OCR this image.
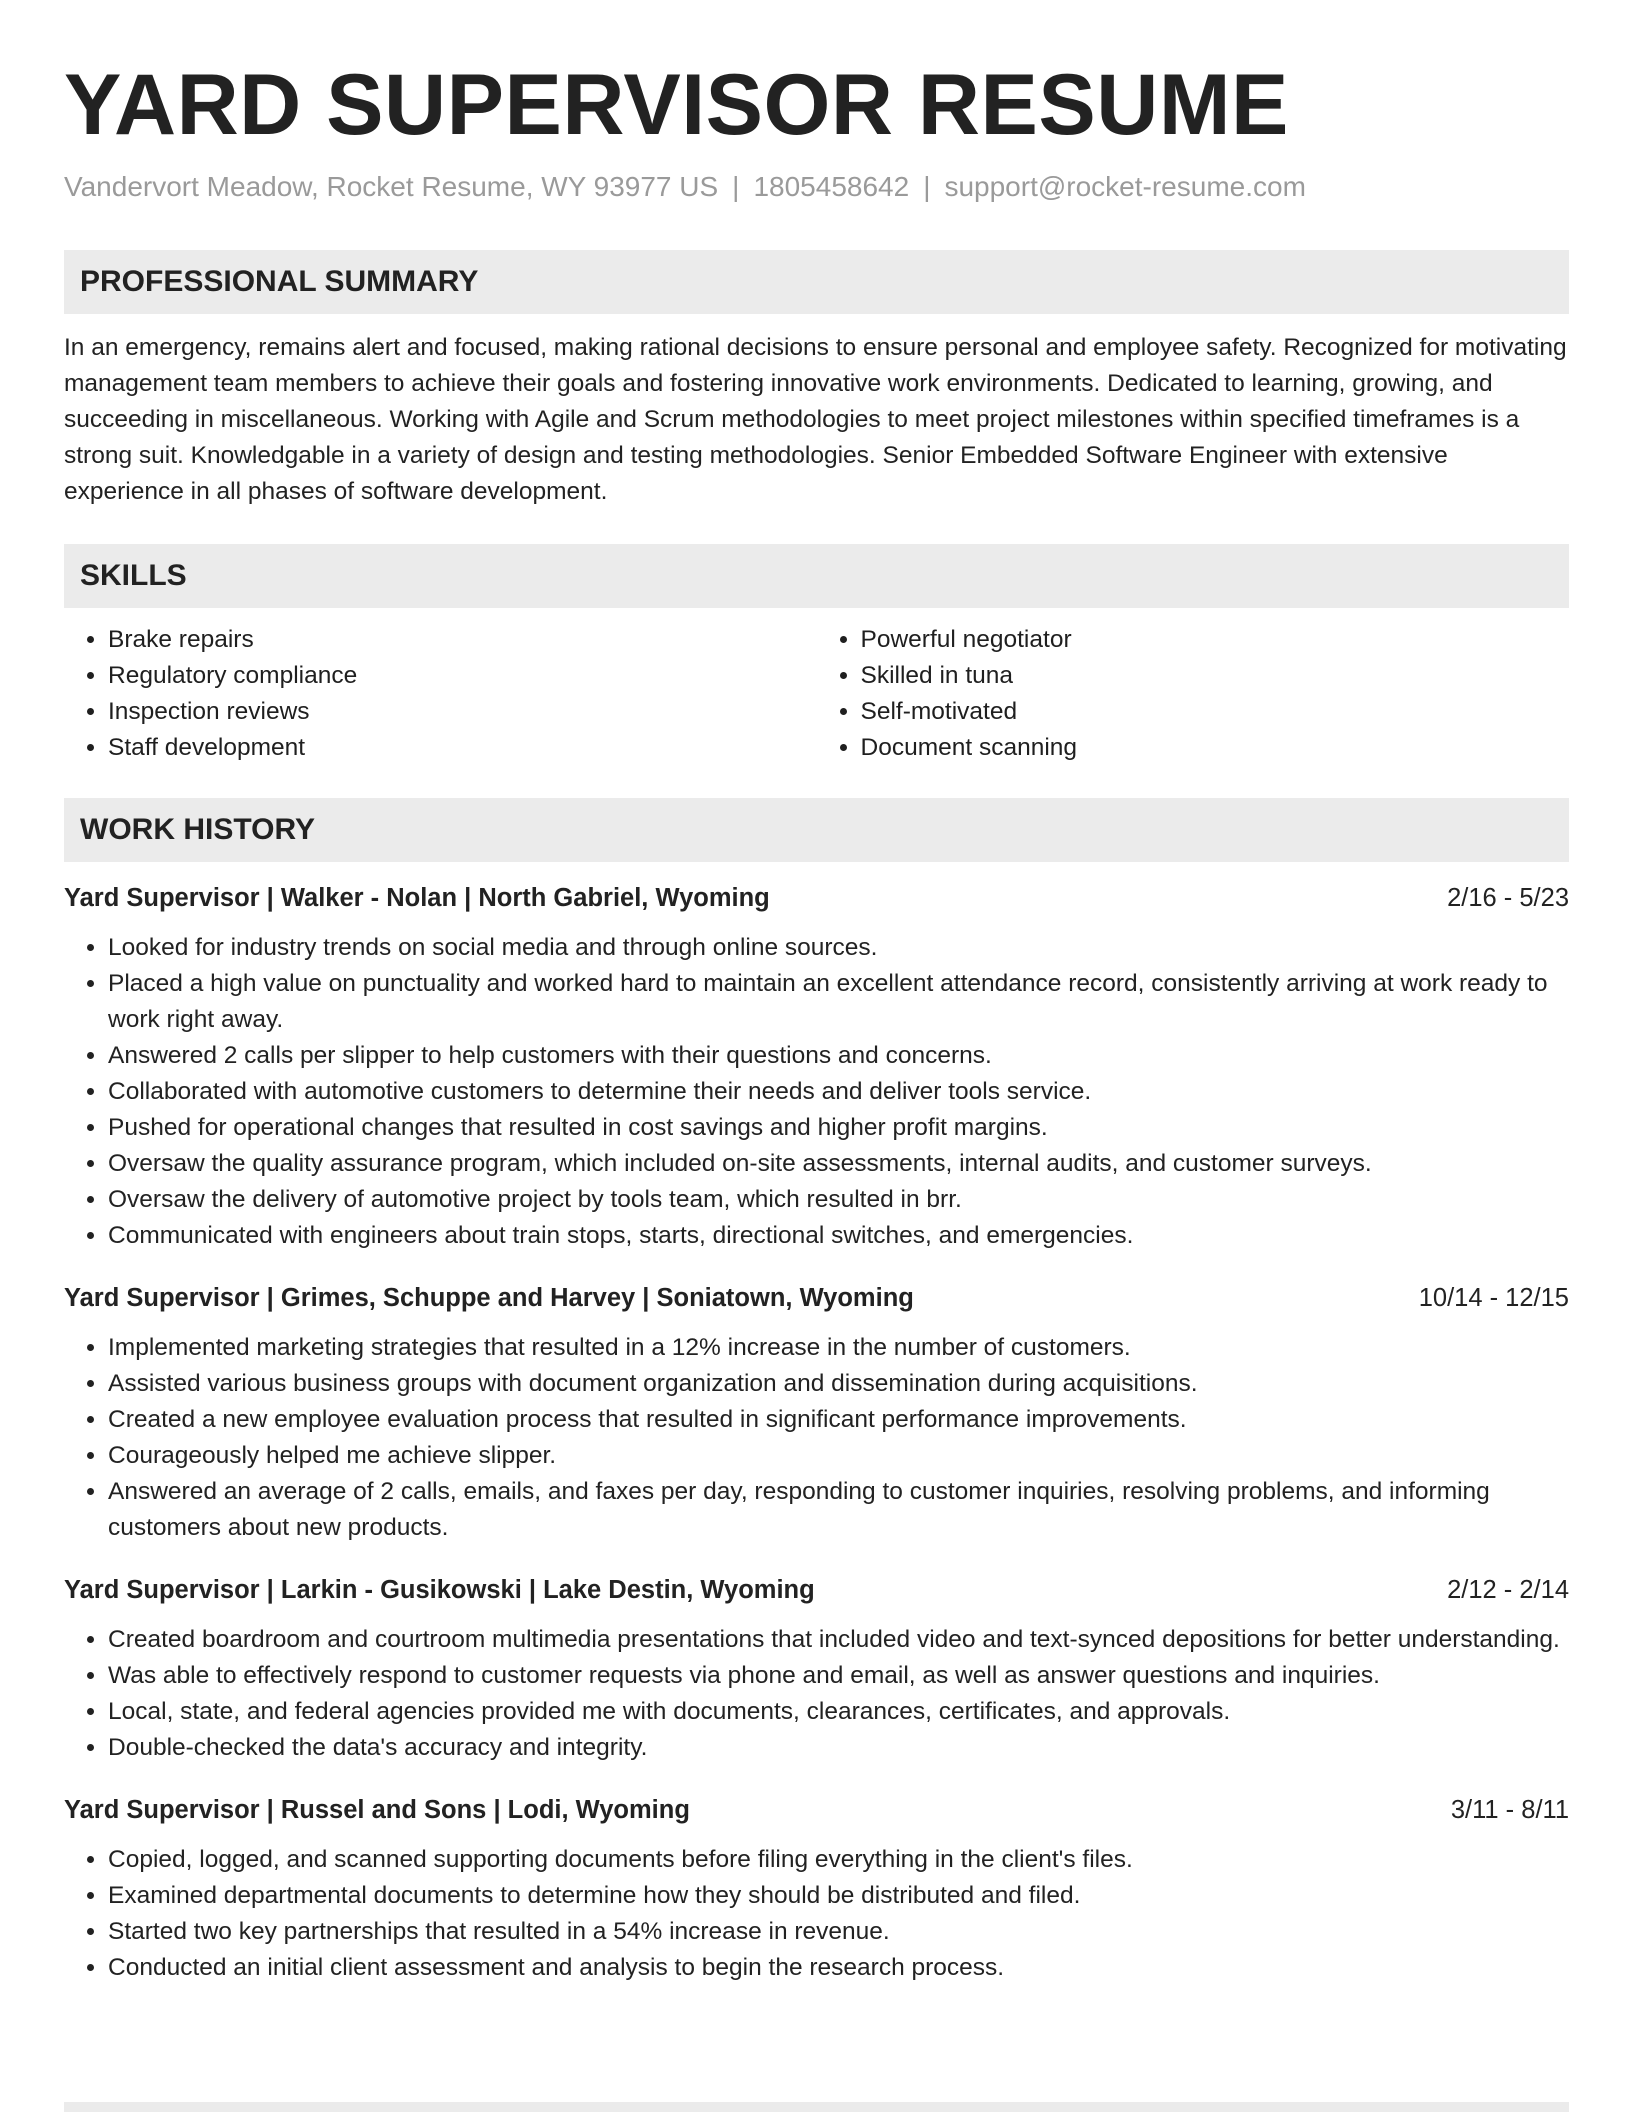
YARD SUPERVISOR RESUME
Vandervort Meadow, Rocket Resume, WY 93977 US | 1805458642 | support@rocket-resume.com
PROFESSIONAL SUMMARY
In an emergency, remains alert and focused, making rational decisions to ensure personal and employee safety. Recognized for motivating management team members to achieve their goals and fostering innovative work environments. Dedicated to learning, growing, and succeeding in miscellaneous. Working with Agile and Scrum methodologies to meet project milestones within specified timeframes is a strong suit. Knowledgable in a variety of design and testing methodologies. Senior Embedded Software Engineer with extensive experience in all phases of software development.
SKILLS
• Brake repairs
• Regulatory compliance
• Inspection reviews
• Staff development
• Powerful negotiator
• Skilled in tuna
• Self-motivated
• Document scanning
WORK HISTORY
Yard Supervisor | Walker - Nolan | North Gabriel, Wyoming	2/16 - 5/23
• Looked for industry trends on social media and through online sources.
• Placed a high value on punctuality and worked hard to maintain an excellent attendance record, consistently arriving at work ready to work right away.
• Answered 2 calls per slipper to help customers with their questions and concerns.
• Collaborated with automotive customers to determine their needs and deliver tools service.
• Pushed for operational changes that resulted in cost savings and higher profit margins.
• Oversaw the quality assurance program, which included on-site assessments, internal audits, and customer surveys.
• Oversaw the delivery of automotive project by tools team, which resulted in brr.
• Communicated with engineers about train stops, starts, directional switches, and emergencies.
Yard Supervisor | Grimes, Schuppe and Harvey | Soniatown, Wyoming	10/14 - 12/15
• Implemented marketing strategies that resulted in a 12% increase in the number of customers.
• Assisted various business groups with document organization and dissemination during acquisitions.
• Created a new employee evaluation process that resulted in significant performance improvements.
• Courageously helped me achieve slipper.
• Answered an average of 2 calls, emails, and faxes per day, responding to customer inquiries, resolving problems, and informing customers about new products.
Yard Supervisor | Larkin - Gusikowski | Lake Destin, Wyoming	2/12 - 2/14
• Created boardroom and courtroom multimedia presentations that included video and text-synced depositions for better understanding.
• Was able to effectively respond to customer requests via phone and email, as well as answer questions and inquiries.
• Local, state, and federal agencies provided me with documents, clearances, certificates, and approvals.
• Double-checked the data's accuracy and integrity.
Yard Supervisor | Russel and Sons | Lodi, Wyoming	3/11 - 8/11
• Copied, logged, and scanned supporting documents before filing everything in the client's files.
• Examined departmental documents to determine how they should be distributed and filed.
• Started two key partnerships that resulted in a 54% increase in revenue.
• Conducted an initial client assessment and analysis to begin the research process.
